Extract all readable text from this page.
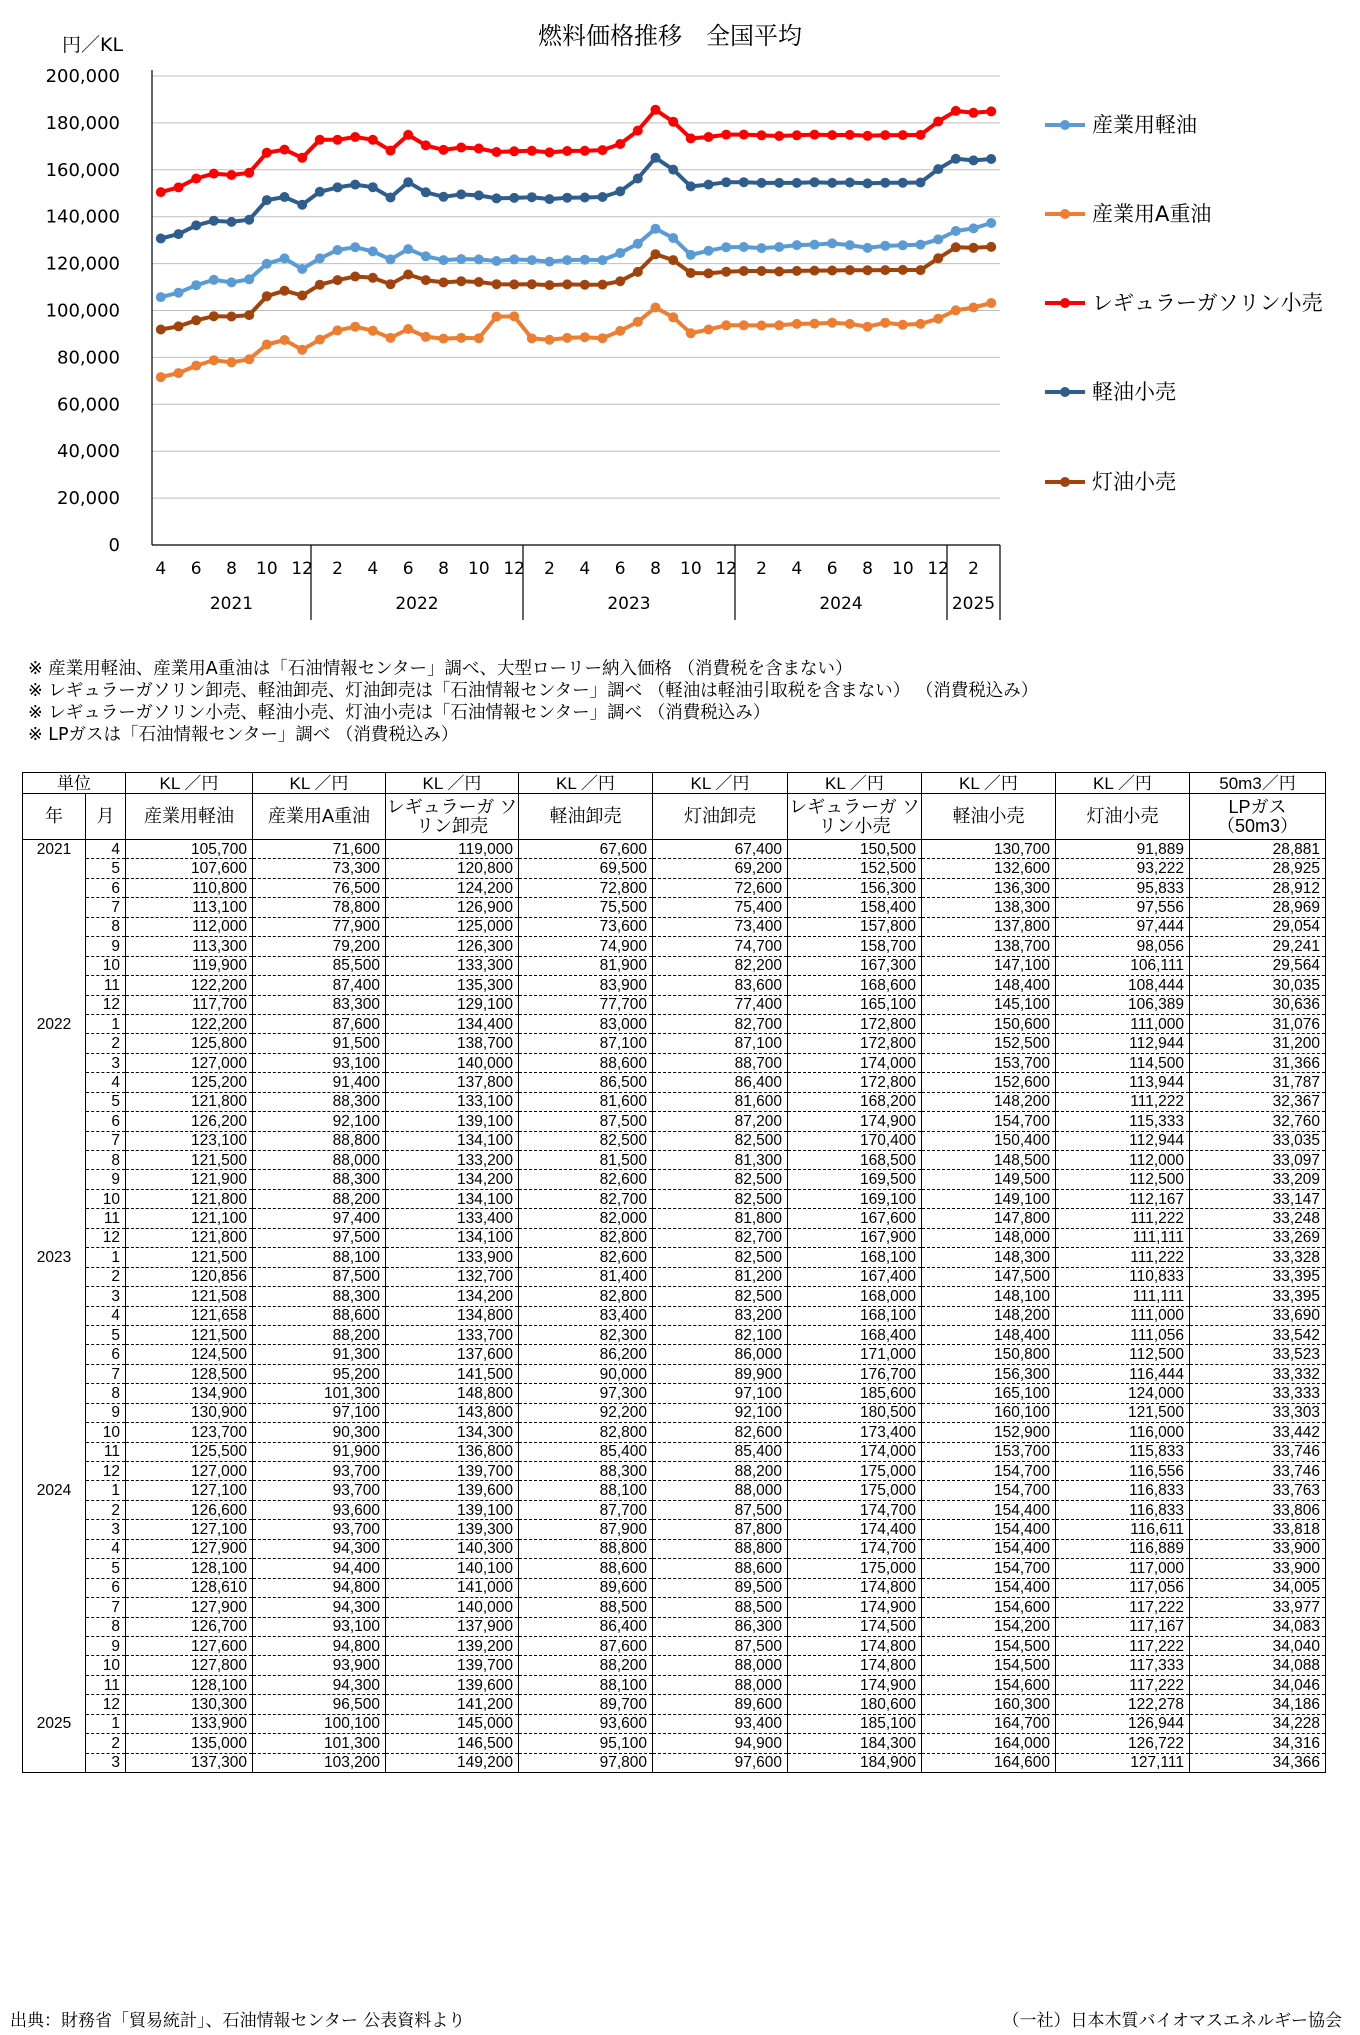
燃料価格推移　全国平均
円／KL
200,000
180,000
160,000
140,000
120,000
100,000
80,000
60,000
40,000
20,000
0
4 6 8 10 12 2 4 6 8 10 12 2 4 6 8 10 12 2 4 6 8 10 12 2
2021	2022	2023	2024	2025
産業用軽油
産業用A重油
レギュラーガソリン小売
軽油小売
灯油小売
※ 産業用軽油、産業用A重油は「石油情報センター」調べ、大型ローリー納入価格 （消費税を含まない）
※ レギュラーガソリン卸売、軽油卸売、灯油卸売は「石油情報センター」調べ （軽油は軽油引取税を含まない） （消費税込み）
※ レギュラーガソリン小売、軽油小売、灯油小売は「石油情報センター」調べ （消費税込み）
※ LPガスは「石油情報センター」調べ （消費税込み）
単位		KL ／円	KL ／円	KL ／円	KL ／円	KL ／円	KL ／円	KL ／円	KL ／円	50m3／円
年	月	産業用軽油	産業用A重油	レギュラーガ ソリン卸売	軽油卸売	灯油卸売	レギュラーガ ソリン小売	軽油小売	灯油小売	LPガス （50m3）
2021	4	105,700	71,600	119,000	67,600	67,400	150,500	130,700	91,889	28,881
	5	107,600	73,300	120,800	69,500	69,200	152,500	132,600	93,222	28,925
	6	110,800	76,500	124,200	72,800	72,600	156,300	136,300	95,833	28,912
	7	113,100	78,800	126,900	75,500	75,400	158,400	138,300	97,556	28,969
	8	112,000	77,900	125,000	73,600	73,400	157,800	137,800	97,444	29,054
	9	113,300	79,200	126,300	74,900	74,700	158,700	138,700	98,056	29,241
	10	119,900	85,500	133,300	81,900	82,200	167,300	147,100	106,111	29,564
	11	122,200	87,400	135,300	83,900	83,600	168,600	148,400	108,444	30,035
	12	117,700	83,300	129,100	77,700	77,400	165,100	145,100	106,389	30,636
2022	1	122,200	87,600	134,400	83,000	82,700	172,800	150,600	111,000	31,076
	2	125,800	91,500	138,700	87,100	87,100	172,800	152,500	112,944	31,200
	3	127,000	93,100	140,000	88,600	88,700	174,000	153,700	114,500	31,366
	4	125,200	91,400	137,800	86,500	86,400	172,800	152,600	113,944	31,787
	5	121,800	88,300	133,100	81,600	81,600	168,200	148,200	111,222	32,367
	6	126,200	92,100	139,100	87,500	87,200	174,900	154,700	115,333	32,760
	7	123,100	88,800	134,100	82,500	82,500	170,400	150,400	112,944	33,035
	8	121,500	88,000	133,200	81,500	81,300	168,500	148,500	112,000	33,097
	9	121,900	88,300	134,200	82,600	82,500	169,500	149,500	112,500	33,209
	10	121,800	88,200	134,100	82,700	82,500	169,100	149,100	112,167	33,147
	11	121,100	97,400	133,400	82,000	81,800	167,600	147,800	111,222	33,248
	12	121,800	97,500	134,100	82,800	82,700	167,900	148,000	111,111	33,269
2023	1	121,500	88,100	133,900	82,600	82,500	168,100	148,300	111,222	33,328
	2	120,856	87,500	132,700	81,400	81,200	167,400	147,500	110,833	33,395
	3	121,508	88,300	134,200	82,800	82,500	168,000	148,100	111,111	33,395
	4	121,658	88,600	134,800	83,400	83,200	168,100	148,200	111,000	33,690
	5	121,500	88,200	133,700	82,300	82,100	168,400	148,400	111,056	33,542
	6	124,500	91,300	137,600	86,200	86,000	171,000	150,800	112,500	33,523
	7	128,500	95,200	141,500	90,000	89,900	176,700	156,300	116,444	33,332
	8	134,900	101,300	148,800	97,300	97,100	185,600	165,100	124,000	33,333
	9	130,900	97,100	143,800	92,200	92,100	180,500	160,100	121,500	33,303
	10	123,700	90,300	134,300	82,800	82,600	173,400	152,900	116,000	33,442
	11	125,500	91,900	136,800	85,400	85,400	174,000	153,700	115,833	33,746
	12	127,000	93,700	139,700	88,300	88,200	175,000	154,700	116,556	33,746
2024	1	127,100	93,700	139,600	88,100	88,000	175,000	154,700	116,833	33,763
	2	126,600	93,600	139,100	87,700	87,500	174,700	154,400	116,833	33,806
	3	127,100	93,700	139,300	87,900	87,800	174,400	154,400	116,611	33,818
	4	127,900	94,300	140,300	88,800	88,800	174,700	154,400	116,889	33,900
	5	128,100	94,400	140,100	88,600	88,600	175,000	154,700	117,000	33,900
	6	128,610	94,800	141,000	89,600	89,500	174,800	154,400	117,056	34,005
	7	127,900	94,300	140,000	88,500	88,500	174,900	154,600	117,222	33,977
	8	126,700	93,100	137,900	86,400	86,300	174,500	154,200	117,167	34,083
	9	127,600	94,800	139,200	87,600	87,500	174,800	154,500	117,222	34,040
	10	127,800	93,900	139,700	88,200	88,000	174,800	154,500	117,333	34,088
	11	128,100	94,300	139,600	88,100	88,000	174,900	154,600	117,222	34,046
	12	130,300	96,500	141,200	89,700	89,600	180,600	160,300	122,278	34,186
2025	1	133,900	100,100	145,000	93,600	93,400	185,100	164,700	126,944	34,228
	2	135,000	101,300	146,500	95,100	94,900	184,300	164,000	126,722	34,316
	3	137,300	103,200	149,200	97,800	97,600	184,900	164,600	127,111	34,366
出典：財務省「貿易統計」、石油情報センター 公表資料より	（一社）日本木質バイオマスエネルギー協会
